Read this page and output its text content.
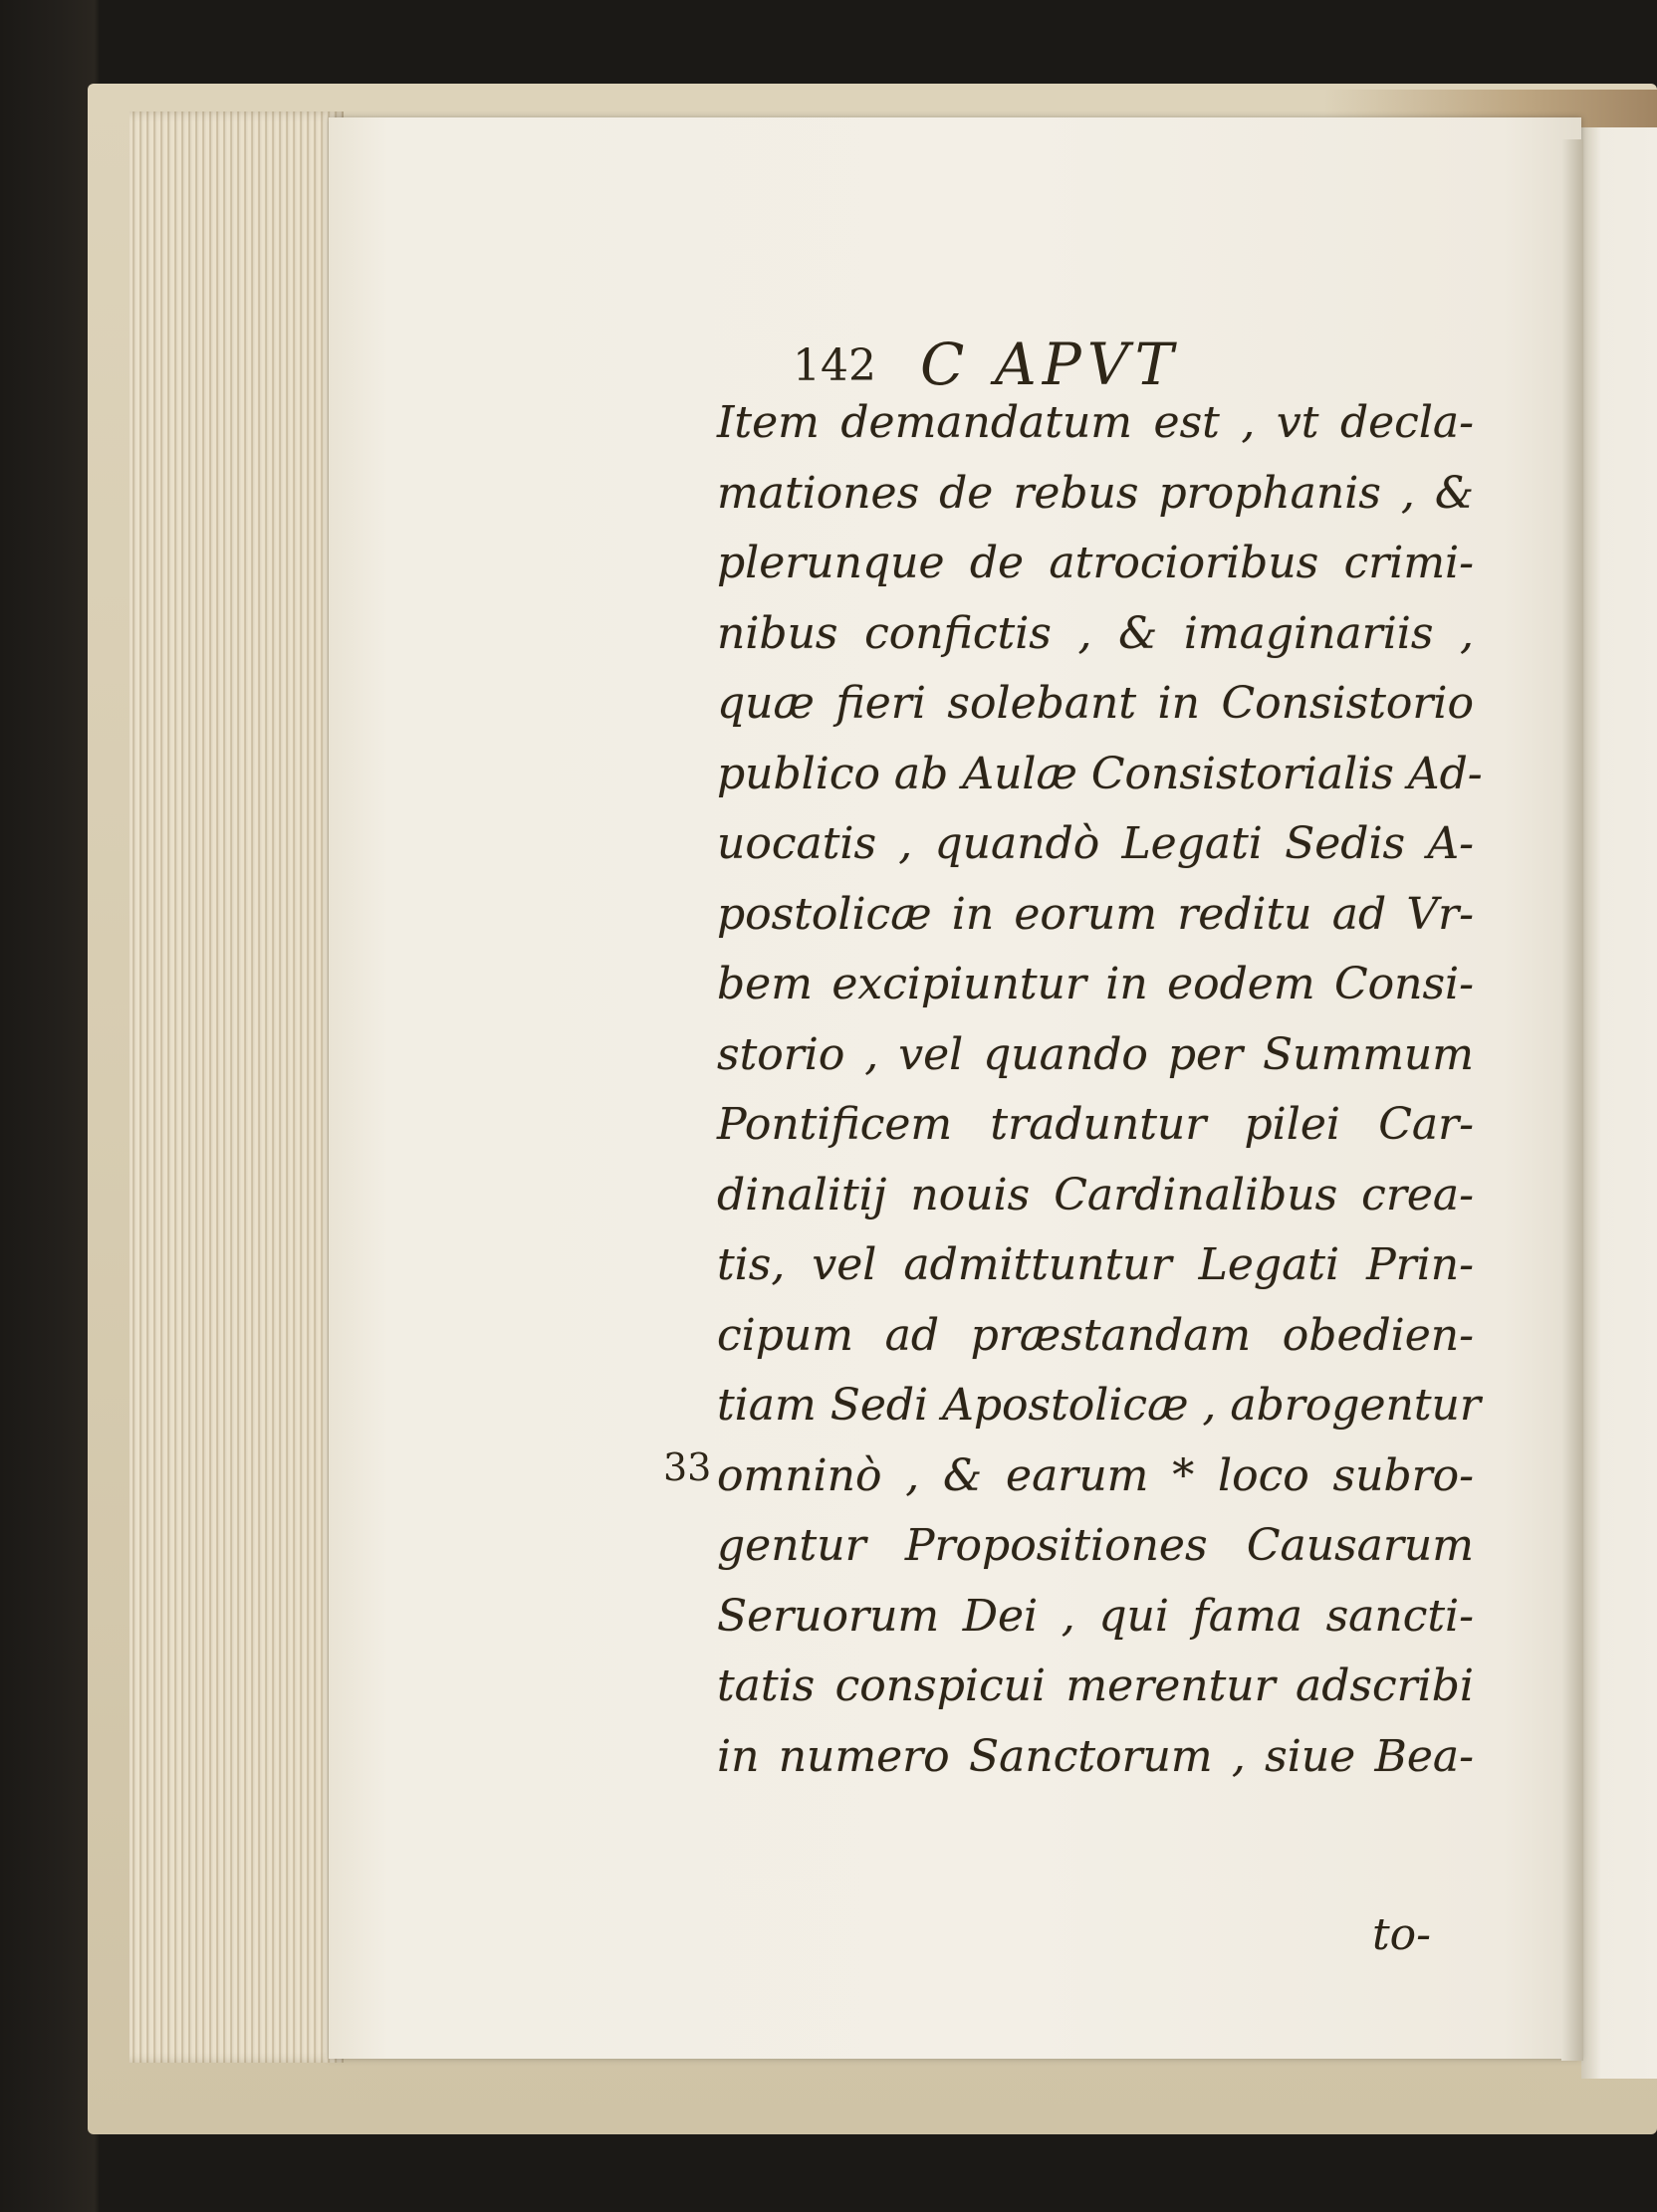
142 C APVT
Item demandatum est , vt decla-
mationes de rebus prophanis , &
plerunque de atrocioribus crimi-
nibus confictis , & imaginariis ,
quæ fieri solebant in Consistorio
publico ab Aulæ Consistorialis Ad-
uocatis , quandò Legati Sedis A-
postolicæ in eorum reditu ad Vr-
bem excipiuntur in eodem Consi-
storio , vel quando per Summum
Pontificem traduntur pilei Car-
dinalitij nouis Cardinalibus crea-
tis, vel admittuntur Legati Prin-
cipum ad præstandam obedien-
tiam Sedi Apostolicæ , abrogentur
omninò , & earum * loco subro-
gentur Propositiones Causarum
Seruorum Dei , qui fama sancti-
tatis conspicui merentur adscribi
in numero Sanctorum , siue Bea-
33
to-
